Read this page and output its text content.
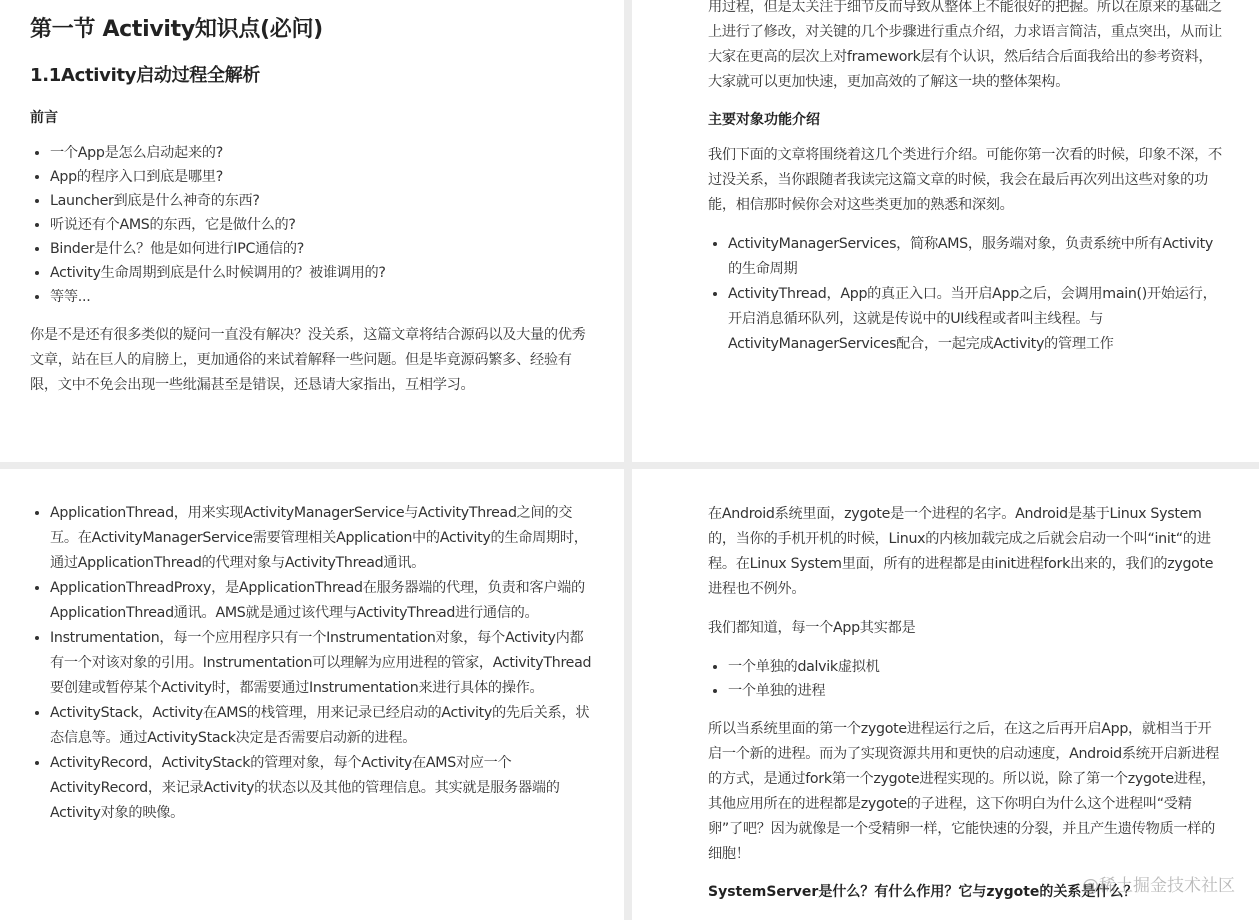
第一节 Activity知识点(必问)
1.1Activity启动过程全解析
前言
• 一个App是怎么启动起来的?
• App的程序入口到底是哪里?
• Launcher到底是什么神奇的东西?
• 听说还有个AMS的东西，它是做什么的?
• Binder是什么？他是如何进行IPC通信的?
• Activity生命周期到底是什么时候调用的？被谁调用的?
• 等等...

你是不是还有很多类似的疑问一直没有解决？没关系，这篇文章将结合源码以及大量的优秀文章，站在巨人的肩膀上，更加通俗的来试着解释一些问题。但是毕竟源码繁多、经验有限，文中不免会出现一些纰漏甚至是错误，还恳请大家指出，互相学习。

用过程，但是太关注于细节反而导致从整体上不能很好的把握。所以在原来的基础之上进行了修改，对关键的几个步骤进行重点介绍，力求语言简洁，重点突出，从而让大家在更高的层次上对framework层有个认识，然后结合后面我给出的参考资料，大家就可以更加快速，更加高效的了解这一块的整体架构。

主要对象功能介绍

我们下面的文章将围绕着这几个类进行介绍。可能你第一次看的时候，印象不深，不过没关系，当你跟随者我读完这篇文章的时候，我会在最后再次列出这些对象的功能，相信那时候你会对这些类更加的熟悉和深刻。

• ActivityManagerServices，简称AMS，服务端对象，负责系统中所有Activity的生命周期
• ActivityThread，App的真正入口。当开启App之后，会调用main()开始运行，开启消息循环队列，这就是传说中的UI线程或者叫主线程。与ActivityManagerServices配合，一起完成Activity的管理工作
• ApplicationThread，用来实现ActivityManagerService与ActivityThread之间的交互。在ActivityManagerService需要管理相关Application中的Activity的生命周期时，通过ApplicationThread的代理对象与ActivityThread通讯。
• ApplicationThreadProxy，是ApplicationThread在服务器端的代理，负责和客户端的ApplicationThread通讯。AMS就是通过该代理与ActivityThread进行通信的。
• Instrumentation，每一个应用程序只有一个Instrumentation对象，每个Activity内都有一个对该对象的引用。Instrumentation可以理解为应用进程的管家，ActivityThread要创建或暂停某个Activity时，都需要通过Instrumentation来进行具体的操作。
• ActivityStack，Activity在AMS的栈管理，用来记录已经启动的Activity的先后关系，状态信息等。通过ActivityStack决定是否需要启动新的进程。
• ActivityRecord，ActivityStack的管理对象，每个Activity在AMS对应一个ActivityRecord，来记录Activity的状态以及其他的管理信息。其实就是服务器端的Activity对象的映像。

在Android系统里面，zygote是一个进程的名字。Android是基于Linux System的，当你的手机开机的时候，Linux的内核加载完成之后就会启动一个叫“init“的进程。在Linux System里面，所有的进程都是由init进程fork出来的，我们的zygote进程也不例外。

我们都知道，每一个App其实都是

• 一个单独的dalvik虚拟机
• 一个单独的进程

所以当系统里面的第一个zygote进程运行之后，在这之后再开启App，就相当于开启一个新的进程。而为了实现资源共用和更快的启动速度，Android系统开启新进程的方式，是通过fork第一个zygote进程实现的。所以说，除了第一个zygote进程，其他应用所在的进程都是zygote的子进程，这下你明白为什么这个进程叫“受精卵”了吧？因为就像是一个受精卵一样，它能快速的分裂，并且产生遗传物质一样的细胞！

SystemServer是什么？有什么作用？它与zygote的关系是什么？
@稀土掘金技术社区
